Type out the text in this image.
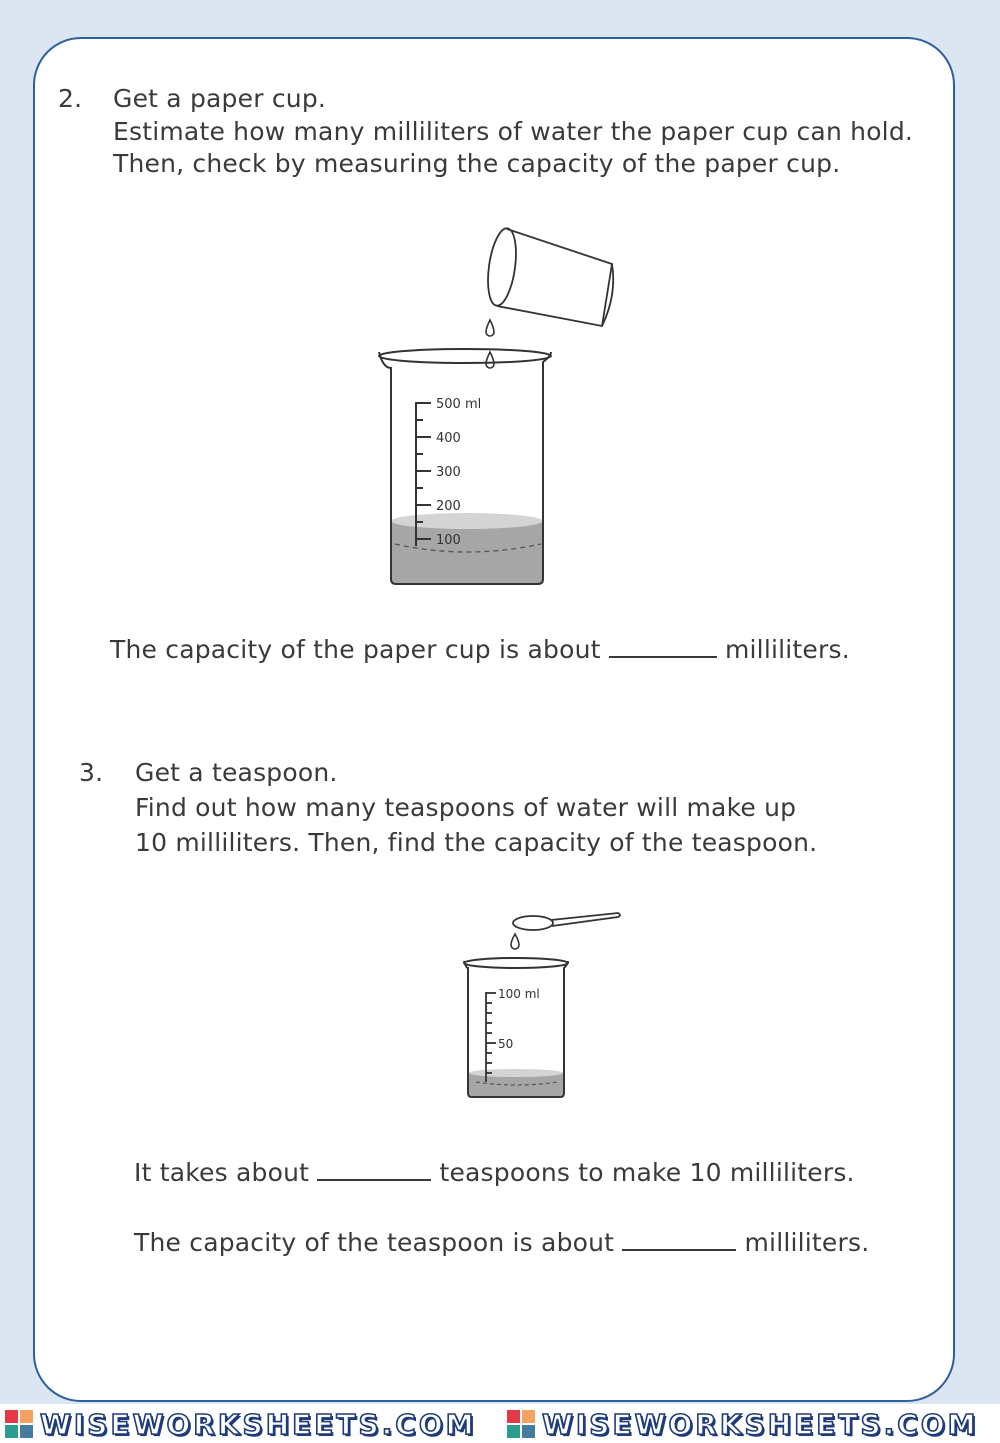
2. Get a paper cup.

Estimate how many milliliters of water the paper cup can hold.

Then, check by measuring the capacity of the paper cup.

500 ml
400
300
200
100

The capacity of the paper cup is about	milliliters.

3. Get a teaspoon.

Find out how many teaspoons of water will make up

10 milliliters. Then, find the capacity of the teaspoon.

100 ml
50

It takes about	teaspoons to make 10 milliliters.

The capacity of the teaspoon is about	milliliters.

WISEWORKSHEETS.COM WISEWORKSHEETS.COM
